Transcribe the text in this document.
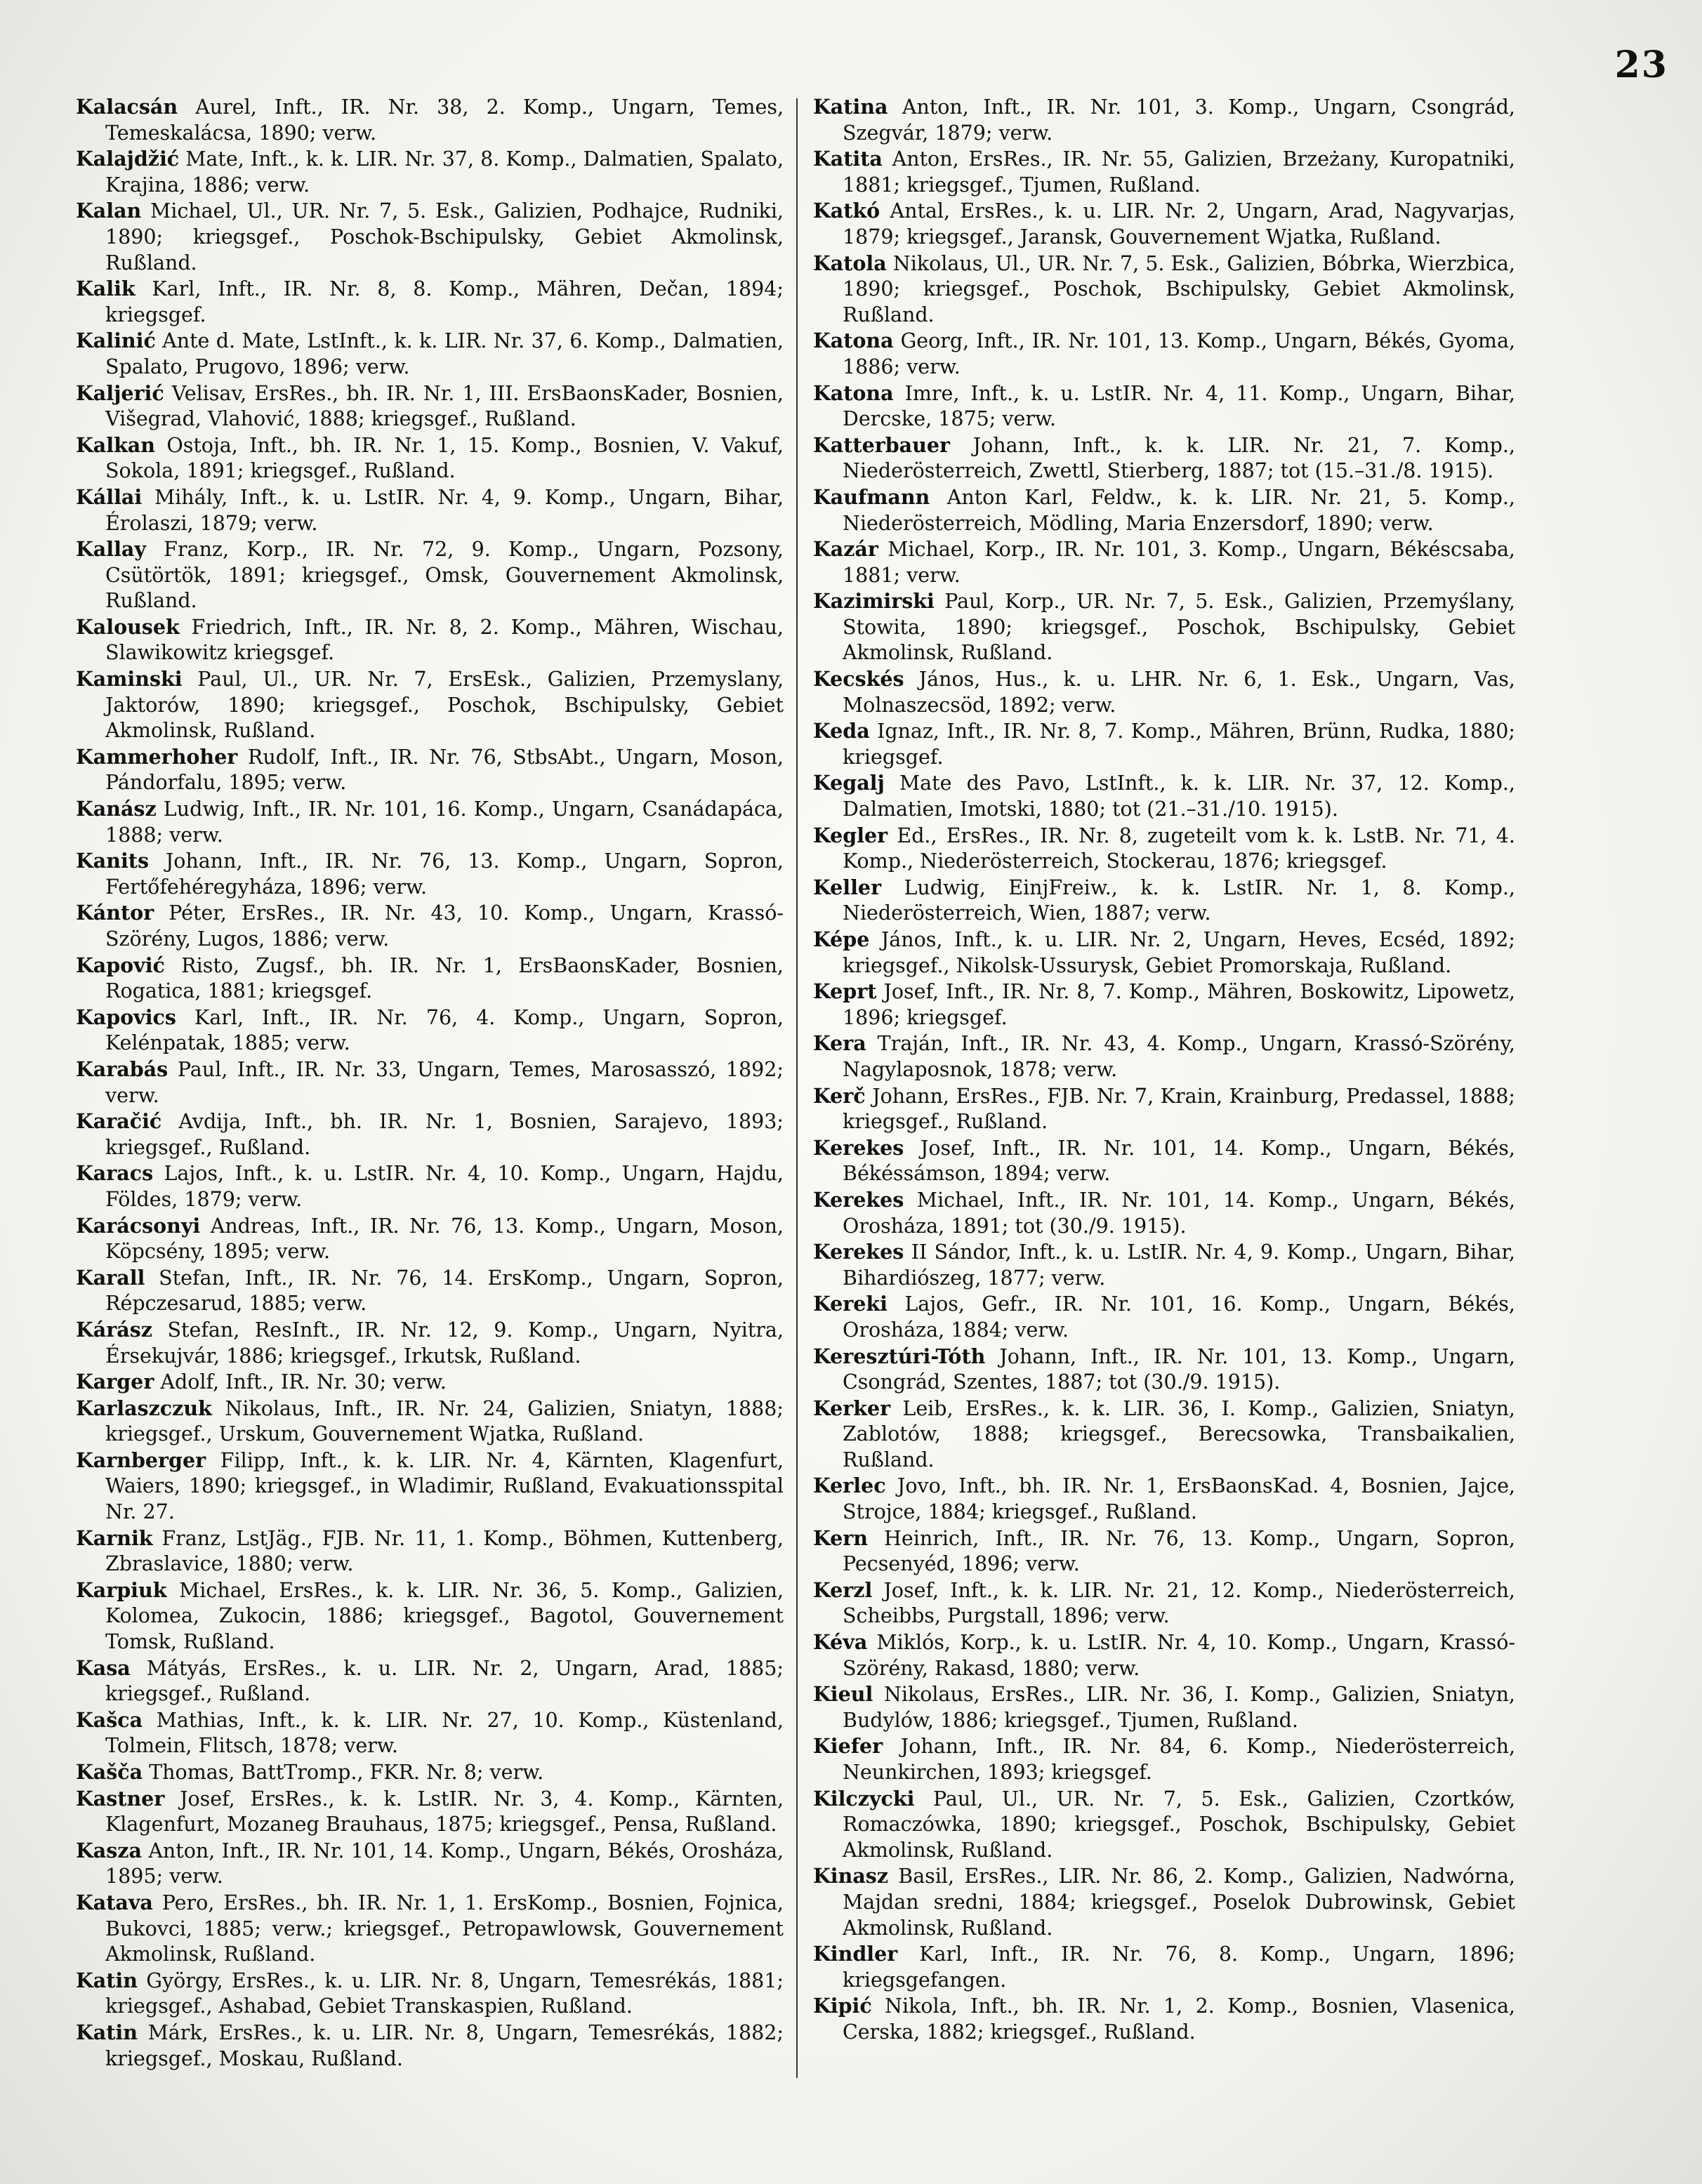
23

Kalacsán Aurel, Inft., IR. Nr. 38, 2. Komp., Ungarn, Temes, Temeskalácsa, 1890; verw.

Kalajdžić Mate, Inft., k. k. LIR. Nr. 37, 8. Komp., Dalmatien, Spalato, Krajina, 1886; verw.

Kalan Michael, Ul., UR. Nr. 7, 5. Esk., Galizien, Podhajce, Rudniki, 1890; kriegsgef., Poschok-Bschipulsky, Gebiet Akmolinsk, Rußland.

Kalik Karl, Inft., IR. Nr. 8, 8. Komp., Mähren, Dečan, 1894; kriegsgef.

Kalinić Ante d. Mate, LstInft., k. k. LIR. Nr. 37, 6. Komp., Dalmatien, Spalato, Prugovo, 1896; verw.

Kaljerić Velisav, ErsRes., bh. IR. Nr. 1, III. ErsBaonsKader, Bosnien, Višegrad, Vlahović, 1888; kriegsgef., Rußland.

Kalkan Ostoja, Inft., bh. IR. Nr. 1, 15. Komp., Bosnien, V. Vakuf, Sokola, 1891; kriegsgef., Rußland.

Kállai Mihály, Inft., k. u. LstIR. Nr. 4, 9. Komp., Ungarn, Bihar, Érolaszi, 1879; verw.

Kallay Franz, Korp., IR. Nr. 72, 9. Komp., Ungarn, Pozsony, Csütörtök, 1891; kriegsgef., Omsk, Gouvernement Akmolinsk, Rußland.

Kalousek Friedrich, Inft., IR. Nr. 8, 2. Komp., Mähren, Wischau, Slawikowitz kriegsgef.

Kaminski Paul, Ul., UR. Nr. 7, ErsEsk., Galizien, Przemyslany, Jaktorów, 1890; kriegsgef., Poschok, Bschipulsky, Gebiet Akmolinsk, Rußland.

Kammerhoher Rudolf, Inft., IR. Nr. 76, StbsAbt., Ungarn, Moson, Pándorfalu, 1895; verw.

Kanász Ludwig, Inft., IR. Nr. 101, 16. Komp., Ungarn, Csanádapáca, 1888; verw.

Kanits Johann, Inft., IR. Nr. 76, 13. Komp., Ungarn, Sopron, Fertőfehéregyháza, 1896; verw.

Kántor Péter, ErsRes., IR. Nr. 43, 10. Komp., Ungarn, Krassó-Szörény, Lugos, 1886; verw.

Kapović Risto, Zugsf., bh. IR. Nr. 1, ErsBaonsKader, Bosnien, Rogatica, 1881; kriegsgef.

Kapovics Karl, Inft., IR. Nr. 76, 4. Komp., Ungarn, Sopron, Kelénpatak, 1885; verw.

Karabás Paul, Inft., IR. Nr. 33, Ungarn, Temes, Marosasszó, 1892; verw.

Karačić Avdija, Inft., bh. IR. Nr. 1, Bosnien, Sarajevo, 1893; kriegsgef., Rußland.

Karacs Lajos, Inft., k. u. LstIR. Nr. 4, 10. Komp., Ungarn, Hajdu, Földes, 1879; verw.

Karácsonyi Andreas, Inft., IR. Nr. 76, 13. Komp., Ungarn, Moson, Köpcsény, 1895; verw.

Karall Stefan, Inft., IR. Nr. 76, 14. ErsKomp., Ungarn, Sopron, Répczesarud, 1885; verw.

Kárász Stefan, ResInft., IR. Nr. 12, 9. Komp., Ungarn, Nyitra, Érsekujvár, 1886; kriegsgef., Irkutsk, Rußland.

Karger Adolf, Inft., IR. Nr. 30; verw.

Karlaszczuk Nikolaus, Inft., IR. Nr. 24, Galizien, Sniatyn, 1888; kriegsgef., Urskum, Gouvernement Wjatka, Rußland.

Karnberger Filipp, Inft., k. k. LIR. Nr. 4, Kärnten, Klagenfurt, Waiers, 1890; kriegsgef., in Wladimir, Rußland, Evakuationsspital Nr. 27.

Karnik Franz, LstJäg., FJB. Nr. 11, 1. Komp., Böhmen, Kuttenberg, Zbraslavice, 1880; verw.

Karpiuk Michael, ErsRes., k. k. LIR. Nr. 36, 5. Komp., Galizien, Kolomea, Zukocin, 1886; kriegsgef., Bagotol, Gouvernement Tomsk, Rußland.

Kasa Mátyás, ErsRes., k. u. LIR. Nr. 2, Ungarn, Arad, 1885; kriegsgef., Rußland.

Kašca Mathias, Inft., k. k. LIR. Nr. 27, 10. Komp., Küstenland, Tolmein, Flitsch, 1878; verw.

Kašča Thomas, BattTromp., FKR. Nr. 8; verw.

Kastner Josef, ErsRes., k. k. LstIR. Nr. 3, 4. Komp., Kärnten, Klagenfurt, Mozaneg Brauhaus, 1875; kriegsgef., Pensa, Rußland.

Kasza Anton, Inft., IR. Nr. 101, 14. Komp., Ungarn, Békés, Orosháza, 1895; verw.

Katava Pero, ErsRes., bh. IR. Nr. 1, 1. ErsKomp., Bosnien, Fojnica, Bukovci, 1885; verw.; kriegsgef., Petropawlowsk, Gouvernement Akmolinsk, Rußland.

Katin György, ErsRes., k. u. LIR. Nr. 8, Ungarn, Temesrékás, 1881; kriegsgef., Ashabad, Gebiet Transkaspien, Rußland.

Katin Márk, ErsRes., k. u. LIR. Nr. 8, Ungarn, Temesrékás, 1882; kriegsgef., Moskau, Rußland.

Katina Anton, Inft., IR. Nr. 101, 3. Komp., Ungarn, Csongrád, Szegvár, 1879; verw.

Katita Anton, ErsRes., IR. Nr. 55, Galizien, Brzeżany, Kuropatniki, 1881; kriegsgef., Tjumen, Rußland.

Katkó Antal, ErsRes., k. u. LIR. Nr. 2, Ungarn, Arad, Nagyvarjas, 1879; kriegsgef., Jaransk, Gouvernement Wjatka, Rußland.

Katola Nikolaus, Ul., UR. Nr. 7, 5. Esk., Galizien, Bóbrka, Wierzbica, 1890; kriegsgef., Poschok, Bschipulsky, Gebiet Akmolinsk, Rußland.

Katona Georg, Inft., IR. Nr. 101, 13. Komp., Ungarn, Békés, Gyoma, 1886; verw.

Katona Imre, Inft., k. u. LstIR. Nr. 4, 11. Komp., Ungarn, Bihar, Dercske, 1875; verw.

Katterbauer Johann, Inft., k. k. LIR. Nr. 21, 7. Komp., Niederösterreich, Zwettl, Stierberg, 1887; tot (15.–31./8. 1915).

Kaufmann Anton Karl, Feldw., k. k. LIR. Nr. 21, 5. Komp., Niederösterreich, Mödling, Maria Enzersdorf, 1890; verw.

Kazár Michael, Korp., IR. Nr. 101, 3. Komp., Ungarn, Békéscsaba, 1881; verw.

Kazimirski Paul, Korp., UR. Nr. 7, 5. Esk., Galizien, Przemyślany, Stowita, 1890; kriegsgef., Poschok, Bschipulsky, Gebiet Akmolinsk, Rußland.

Kecskés János, Hus., k. u. LHR. Nr. 6, 1. Esk., Ungarn, Vas, Molnaszecsöd, 1892; verw.

Keda Ignaz, Inft., IR. Nr. 8, 7. Komp., Mähren, Brünn, Rudka, 1880; kriegsgef.

Kegalj Mate des Pavo, LstInft., k. k. LIR. Nr. 37, 12. Komp., Dalmatien, Imotski, 1880; tot (21.–31./10. 1915).

Kegler Ed., ErsRes., IR. Nr. 8, zugeteilt vom k. k. LstB. Nr. 71, 4. Komp., Niederösterreich, Stockerau, 1876; kriegsgef.

Keller Ludwig, EinjFreiw., k. k. LstIR. Nr. 1, 8. Komp., Niederösterreich, Wien, 1887; verw.

Képe János, Inft., k. u. LIR. Nr. 2, Ungarn, Heves, Ecséd, 1892; kriegsgef., Nikolsk-Ussurysk, Gebiet Promorskaja, Rußland.

Keprt Josef, Inft., IR. Nr. 8, 7. Komp., Mähren, Boskowitz, Lipowetz, 1896; kriegsgef.

Kera Traján, Inft., IR. Nr. 43, 4. Komp., Ungarn, Krassó-Szörény, Nagylaposnok, 1878; verw.

Kerč Johann, ErsRes., FJB. Nr. 7, Krain, Krainburg, Predassel, 1888; kriegsgef., Rußland.

Kerekes Josef, Inft., IR. Nr. 101, 14. Komp., Ungarn, Békés, Békéssámson, 1894; verw.

Kerekes Michael, Inft., IR. Nr. 101, 14. Komp., Ungarn, Békés, Orosháza, 1891; tot (30./9. 1915).

Kerekes II Sándor, Inft., k. u. LstIR. Nr. 4, 9. Komp., Ungarn, Bihar, Bihardiószeg, 1877; verw.

Kereki Lajos, Gefr., IR. Nr. 101, 16. Komp., Ungarn, Békés, Orosháza, 1884; verw.

Keresztúri-Tóth Johann, Inft., IR. Nr. 101, 13. Komp., Ungarn, Csongrád, Szentes, 1887; tot (30./9. 1915).

Kerker Leib, ErsRes., k. k. LIR. 36, I. Komp., Galizien, Sniatyn, Zablotów, 1888; kriegsgef., Berecsowka, Transbaikalien, Rußland.

Kerlec Jovo, Inft., bh. IR. Nr. 1, ErsBaonsKad. 4, Bosnien, Jajce, Strojce, 1884; kriegsgef., Rußland.

Kern Heinrich, Inft., IR. Nr. 76, 13. Komp., Ungarn, Sopron, Pecsenyéd, 1896; verw.

Kerzl Josef, Inft., k. k. LIR. Nr. 21, 12. Komp., Niederösterreich, Scheibbs, Purgstall, 1896; verw.

Kéva Miklós, Korp., k. u. LstIR. Nr. 4, 10. Komp., Ungarn, Krassó-Szörény, Rakasd, 1880; verw.

Kieul Nikolaus, ErsRes., LIR. Nr. 36, I. Komp., Galizien, Sniatyn, Budylów, 1886; kriegsgef., Tjumen, Rußland.

Kiefer Johann, Inft., IR. Nr. 84, 6. Komp., Niederösterreich, Neunkirchen, 1893; kriegsgef.

Kilczycki Paul, Ul., UR. Nr. 7, 5. Esk., Galizien, Czortków, Romaczówka, 1890; kriegsgef., Poschok, Bschipulsky, Gebiet Akmolinsk, Rußland.

Kinasz Basil, ErsRes., LIR. Nr. 86, 2. Komp., Galizien, Nadwórna, Majdan sredni, 1884; kriegsgef., Poselok Dubrowinsk, Gebiet Akmolinsk, Rußland.

Kindler Karl, Inft., IR. Nr. 76, 8. Komp., Ungarn, 1896; kriegsgefangen.

Kipić Nikola, Inft., bh. IR. Nr. 1, 2. Komp., Bosnien, Vlasenica, Cerska, 1882; kriegsgef., Rußland.
